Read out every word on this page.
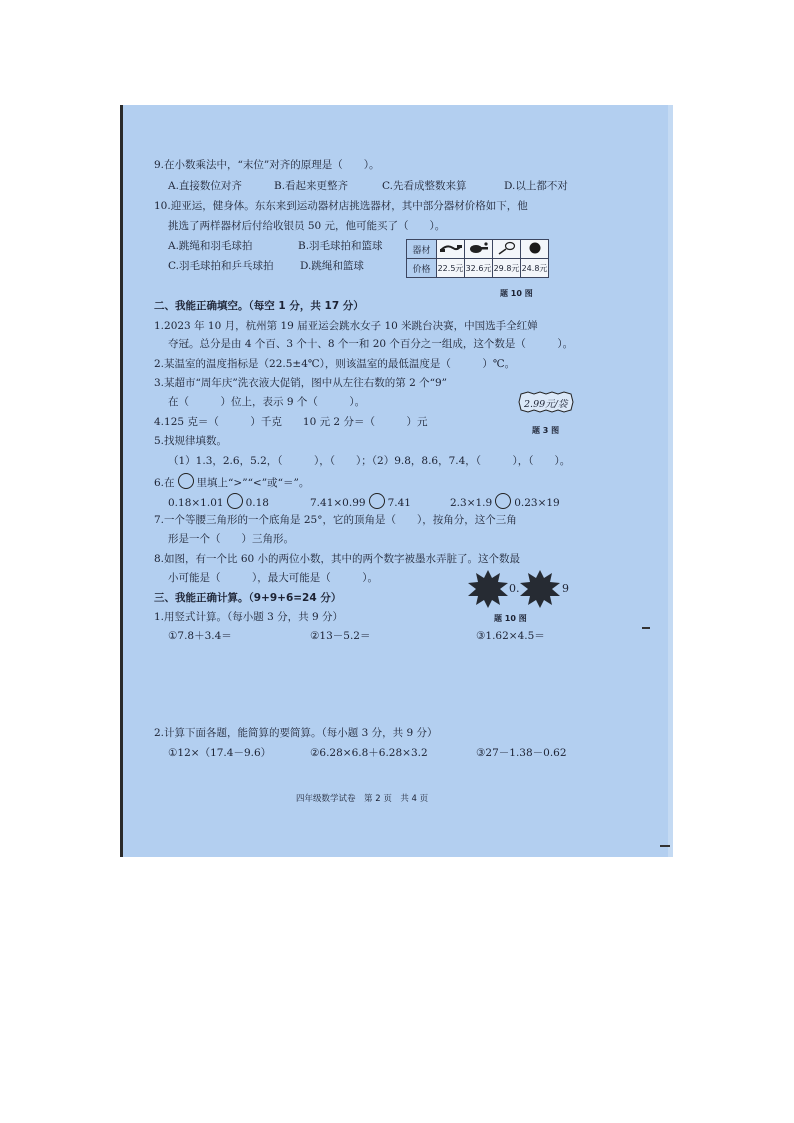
9.在小数乘法中，“末位”对齐的原理是（　　）。
A.直接数位对齐	B.看起来更整齐	C.先看成整数来算	D.以上都不对
10.迎亚运，健身体。东东来到运动器材店挑选器材，其中部分器材价格如下，他
挑选了两样器材后付给收银员 50 元，他可能买了（　　）。
A.跳绳和羽毛球拍	B.羽毛球拍和篮球
C.羽毛球拍和乒乓球拍	D.跳绳和篮球
器材				
价格	22.5元	32.6元	29.8元	24.8元
题 10 图
二、我能正确填空。（每空 1 分，共 17 分）
1.2023 年 10 月，杭州第 19 届亚运会跳水女子 10 米跳台决赛，中国选手全红婵
夺冠。总分是由 4 个百、3 个十、8 个一和 20 个百分之一组成，这个数是（　　　）。
2.某温室的温度指标是（22.5±4℃），则该温室的最低温度是（　　　）℃。
3.某超市“周年庆”洗衣液大促销，图中从左往右数的第 2 个“9”
在（　　　）位上，表示 9 个（　　　）。	2.99元/袋
题 3 图
4.125 克＝（　　　）千克　　10 元 2 分＝（　　　）元
5.找规律填数。
（1）1.3，2.6，5.2，（　　　），（　　）；（2）9.8，8.6，7.4，（　　　），（　　）。
6.在 里填上“>”“<”或“＝”。
0.18×1.01 0.18	7.41×0.99 7.41	2.3×1.9 0.23×19
7.一个等腰三角形的一个底角是 25°，它的顶角是（　　），按角分，这个三角
形是一个（　　）三角形。
8.如图，有一个比 60 小的两位小数，其中的两个数字被墨水弄脏了。这个数最
小可能是（　　　），最大可能是（　　　）。
0.	9
题 10 图
三、我能正确计算。（9+9+6=24 分）
1.用竖式计算。（每小题 3 分，共 9 分）
①7.8＋3.4＝	②13－5.2＝	③1.62×4.5＝
2.计算下面各题，能简算的要简算。（每小题 3 分，共 9 分）
①12×（17.4－9.6）	②6.28×6.8＋6.28×3.2	③27－1.38－0.62
四年级数学试卷　第 2 页　共 4 页
